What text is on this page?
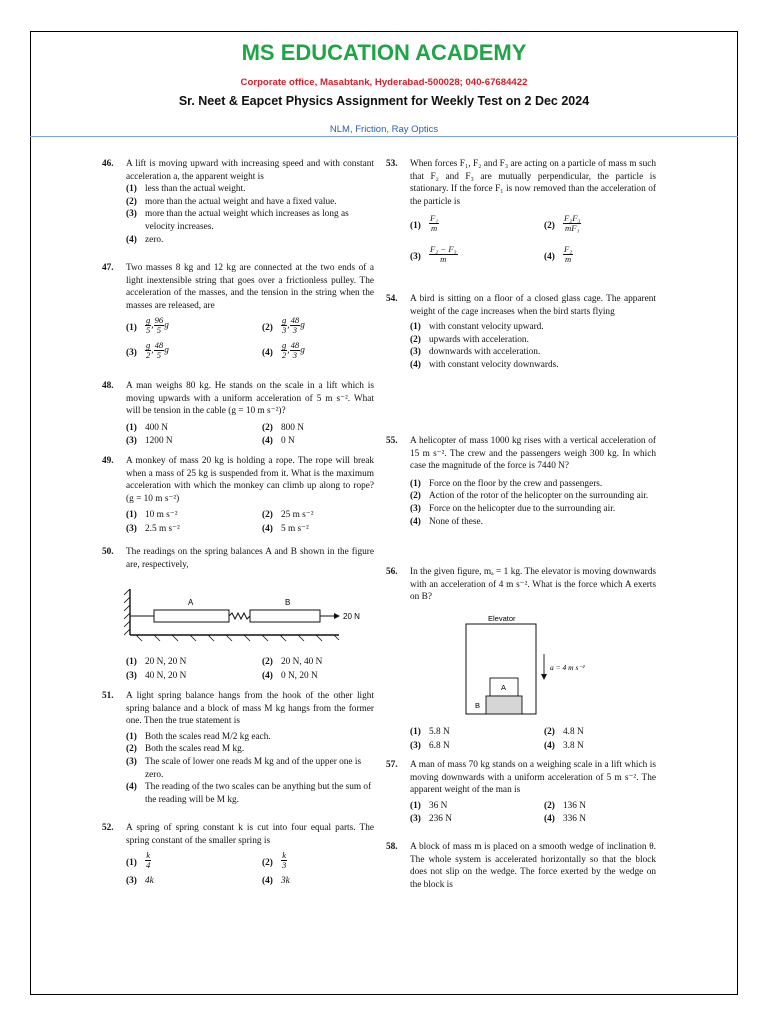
MS EDUCATION ACADEMY
Corporate office, Masabtank, Hyderabad-500028; 040-67684422
Sr. Neet & Eapcet Physics Assignment for Weekly Test on 2 Dec 2024
NLM, Friction, Ray Optics
46. A lift is moving upward with increasing speed and with constant acceleration a, the apparent weight is
(1) less than the actual weight.
(2) more than the actual weight and have a fixed value.
(3) more than the actual weight which increases as long as velocity increases.
(4) zero.
47. Two masses 8 kg and 12 kg are connected at the two ends of a light inextensible string that goes over a frictionless pulley. The acceleration of the masses, and the tension in the string when the masses are released, are
$(1) \frac{g}{5}$ , $\frac{96}{5}$ g	$(2) \frac{g}{3}$ , $\frac{48}{3}$ g
$(3) \frac{g}{2}$ , $\frac{48}{5}$ g	$(4) \frac{g}{2}$ , $\frac{48}{3}$ g
48. A man weighs 80 kg. He stands on the scale in a lift which is moving upwards with a uniform acceleration of 5 m s⁻². What will be tension in the cable (g = 10 m s⁻²)?
(1) 400 N	(2) 800 N
(3) 1200 N	(4) 0 N
49. A monkey of mass 20 kg is holding a rope. The rope will break when a mass of 25 kg is suspended from it. What is the maximum acceleration with which the monkey can climb up along to rope? (g = 10 m s⁻²)
(1) 10 m s⁻²	(2) 25 m s⁻²
(3) 2.5 m s⁻²	(4) 5 m s⁻²
50. The readings on the spring balances A and B shown in the figure are, respectively,
A	B
20 N
(1) 20 N, 20 N	(2) 20 N, 40 N
(3) 40 N, 20 N	(4) 0 N, 20 N
51. A light spring balance hangs from the hook of the other light spring balance and a block of mass M kg hangs from the former one. Then the true statement is
(1) Both the scales read M/2 kg each.
(2) Both the scales read M kg.
(3) The scale of lower one reads M kg and of the upper one is zero.
(4) The reading of the two scales can be anything but the sum of the reading will be M kg.
52. A spring of spring constant k is cut into four equal parts. The spring constant of the smaller spring is
$(1) \frac{k}{4}$	$(2) \frac{k}{3}$
(3) 4k	(4) 3k
53. When forces F₁, F₂ and F₃ are acting on a particle of mass m such that F₂ and F₃ are mutually perpendicular, the particle is stationary. If the force F₁ is now removed than the acceleration of the particle is
$(1) \frac{\text{F₁}}{m}$	$(2) \frac{\text{F₂F₃}}{\text{mF₁}}$
$(3) \frac{\text{F₂ − F₃}}{m}$	$(4) \frac{\text{F₂}}{m}$
54. A bird is sitting on a floor of a closed glass cage. The apparent weight of the cage increases when the bird starts flying
(1) with constant velocity upward.
(2) upwards with acceleration.
(3) downwards with acceleration.
(4) with constant velocity downwards.
55. A helicopter of mass 1000 kg rises with a vertical acceleration of 15 m s⁻². The crew and the passengers weigh 300 kg. In which case the magnitude of the force is 7440 N?
(1) Force on the floor by the crew and passengers.
(2) Action of the rotor of the helicopter on the surrounding air.
(3) Force on the helicopter due to the surrounding air.
(4) None of these.
56. In the given figure, mₐ = 1 kg. The elevator is moving downwards with an acceleration of 4 m s⁻². What is the force which A exerts on B?
Elevator
A
B
a = 4 m s⁻²
(1) 5.8 N	(2) 4.8 N
(3) 6.8 N	(4) 3.8 N
57. A man of mass 70 kg stands on a weighing scale in a lift which is moving downwards with a uniform acceleration of 5 m s⁻². The apparent weight of the man is
(1) 36 N	(2) 136 N
(3) 236 N	(4) 336 N
58. A block of mass m is placed on a smooth wedge of inclination θ. The whole system is accelerated horizontally so that the block does not slip on the wedge. The force exerted by the wedge on the block is
